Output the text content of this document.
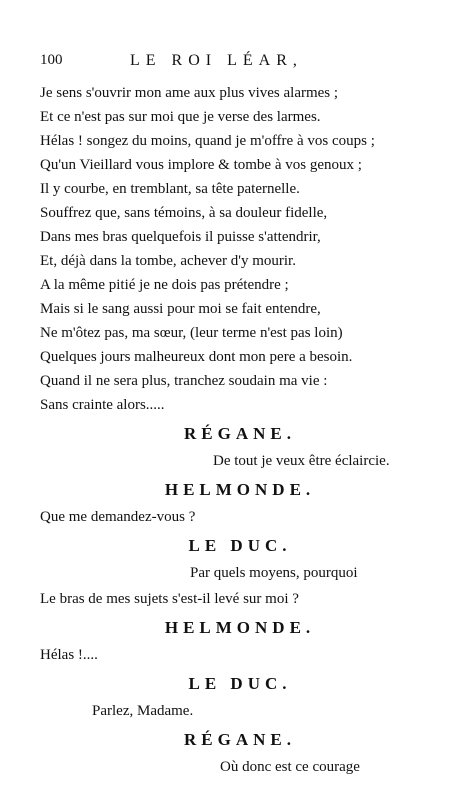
100	LE ROI LÉAR,
Je sens s'ouvrir mon ame aux plus vives alarmes ;
Et ce n'est pas sur moi que je verse des larmes.
Hélas ! songez du moins, quand je m'offre à vos coups ;
Qu'un Vieillard vous implore & tombe à vos genoux ;
Il y courbe, en tremblant, sa tête paternelle.
Souffrez que, sans témoins, à sa douleur fidelle,
Dans mes bras quelquefois il puisse s'attendrir,
Et, déjà dans la tombe, achever d'y mourir.
A la même pitié je ne dois pas prétendre ;
Mais si le sang aussi pour moi se fait entendre,
Ne m'ôtez pas, ma sœur, (leur terme n'est pas loin)
Quelques jours malheureux dont mon pere a besoin.
Quand il ne sera plus, tranchez soudain ma vie :
Sans crainte alors.....
RÉGANE.
De tout je veux être éclaircie.
HELMONDE.
Que me demandez-vous ?
LE DUC.
Par quels moyens, pourquoi
Le bras de mes sujets s'est-il levé sur moi ?
HELMONDE.
Hélas !....
LE DUC.
Parlez, Madame.
RÉGANE.
Où donc est ce courage
